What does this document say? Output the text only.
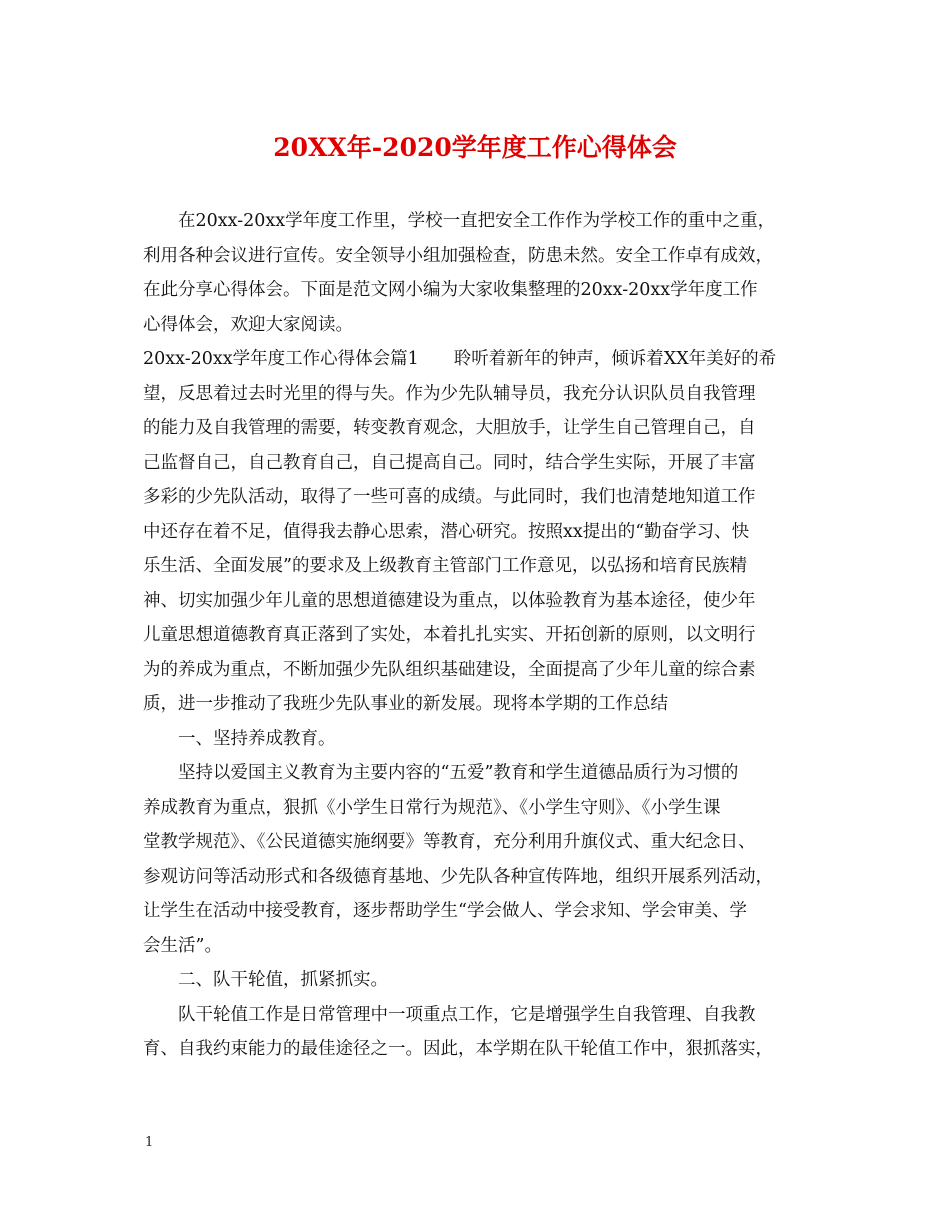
20XX年-2020学年度工作心得体会
在20xx-20xx学年度工作里，学校一直把安全工作作为学校工作的重中之重，
利用各种会议进行宣传。安全领导小组加强检查，防患未然。安全工作卓有成效，
在此分享心得体会。下面是范文网小编为大家收集整理的20xx-20xx学年度工作
心得体会，欢迎大家阅读。
20xx-20xx学年度工作心得体会篇1　　聆听着新年的钟声，倾诉着XX年美好的希
望，反思着过去时光里的得与失。作为少先队辅导员，我充分认识队员自我管理
的能力及自我管理的需要，转变教育观念，大胆放手，让学生自己管理自己，自
己监督自己，自己教育自己，自己提高自己。同时，结合学生实际，开展了丰富
多彩的少先队活动，取得了一些可喜的成绩。与此同时，我们也清楚地知道工作
中还存在着不足，值得我去静心思索，潜心研究。按照xx提出的“勤奋学习、快
乐生活、全面发展”的要求及上级教育主管部门工作意见，以弘扬和培育民族精
神、切实加强少年儿童的思想道德建设为重点，以体验教育为基本途径，使少年
儿童思想道德教育真正落到了实处，本着扎扎实实、开拓创新的原则，以文明行
为的养成为重点，不断加强少先队组织基础建设，全面提高了少年儿童的综合素
质，进一步推动了我班少先队事业的新发展。现将本学期的工作总结
一、坚持养成教育。
坚持以爱国主义教育为主要内容的“五爱”教育和学生道德品质行为习惯的
养成教育为重点，狠抓《小学生日常行为规范》、《小学生守则》、《小学生课
堂教学规范》、《公民道德实施纲要》等教育，充分利用升旗仪式、重大纪念日、
参观访问等活动形式和各级德育基地、少先队各种宣传阵地，组织开展系列活动，
让学生在活动中接受教育，逐步帮助学生“学会做人、学会求知、学会审美、学
会生活”。
二、队干轮值，抓紧抓实。
队干轮值工作是日常管理中一项重点工作，它是增强学生自我管理、自我教
育、自我约束能力的最佳途径之一。因此，本学期在队干轮值工作中，狠抓落实，
1
